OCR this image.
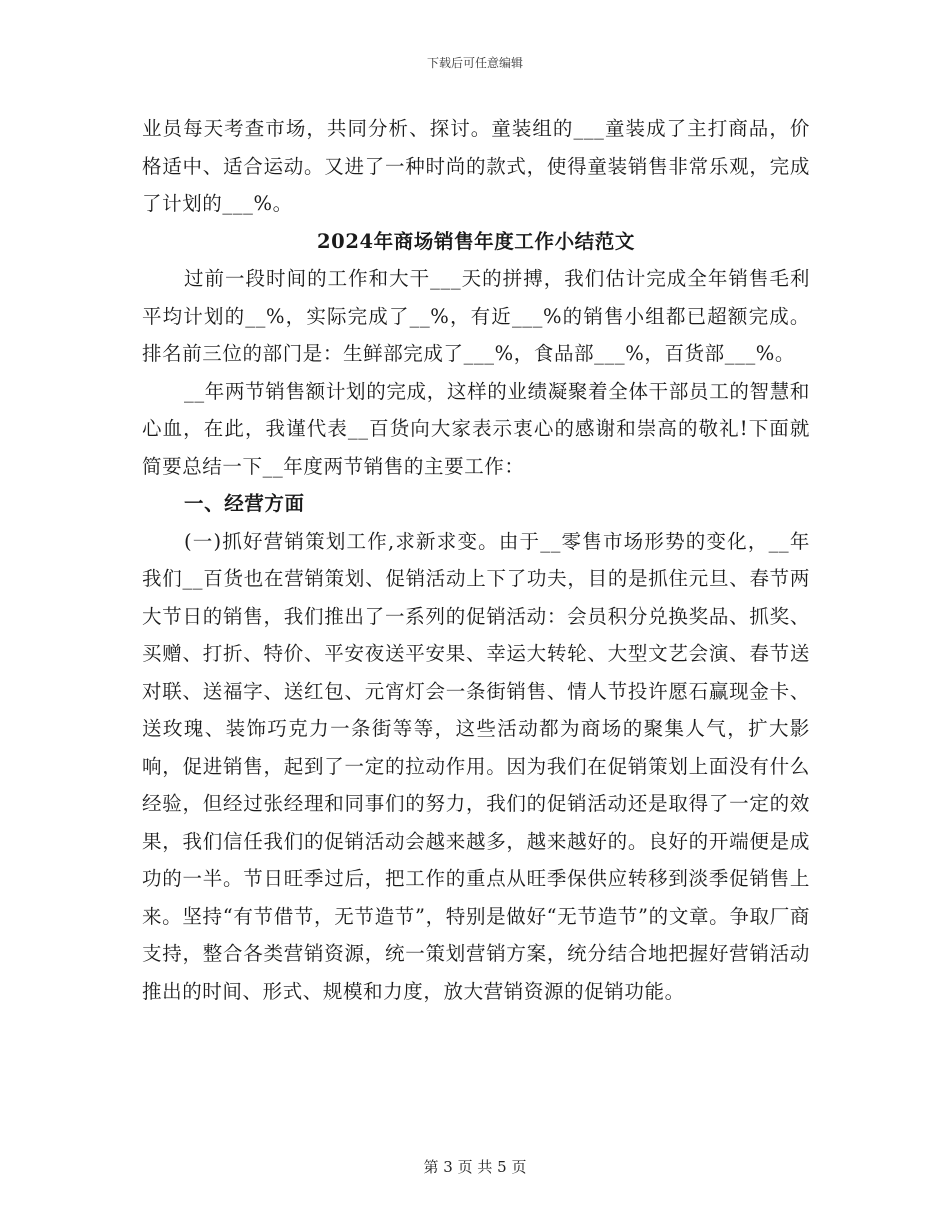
下载后可任意编辑

业员每天考查市场，共同分析、探讨。童装组的___童装成了主打商品，价格适中、适合运动。又进了一种时尚的款式，使得童装销售非常乐观，完成了计划的___%。

2024年商场销售年度工作小结范文

过前一段时间的工作和大干___天的拼搏，我们估计完成全年销售毛利平均计划的__%，实际完成了__%，有近___%的销售小组都已超额完成。排名前三位的部门是：生鲜部完成了___%，食品部___%，百货部___%。

__年两节销售额计划的完成，这样的业绩凝聚着全体干部员工的智慧和心血，在此，我谨代表__百货向大家表示衷心的感谢和崇高的敬礼!下面就简要总结一下__年度两节销售的主要工作：

一、经营方面

(一)抓好营销策划工作,求新求变。由于__零售市场形势的变化，__年我们__百货也在营销策划、促销活动上下了功夫，目的是抓住元旦、春节两大节日的销售，我们推出了一系列的促销活动：会员积分兑换奖品、抓奖、买赠、打折、特价、平安夜送平安果、幸运大转轮、大型文艺会演、春节送对联、送福字、送红包、元宵灯会一条街销售、情人节投许愿石赢现金卡、送玫瑰、装饰巧克力一条街等等，这些活动都为商场的聚集人气，扩大影响，促进销售，起到了一定的拉动作用。因为我们在促销策划上面没有什么经验，但经过张经理和同事们的努力，我们的促销活动还是取得了一定的效果，我们信任我们的促销活动会越来越多，越来越好的。良好的开端便是成功的一半。节日旺季过后，把工作的重点从旺季保供应转移到淡季促销售上来。坚持“有节借节，无节造节”，特别是做好“无节造节”的文章。争取厂商支持，整合各类营销资源，统一策划营销方案，统分结合地把握好营销活动推出的时间、形式、规模和力度，放大营销资源的促销功能。

第 3 页 共 5 页
